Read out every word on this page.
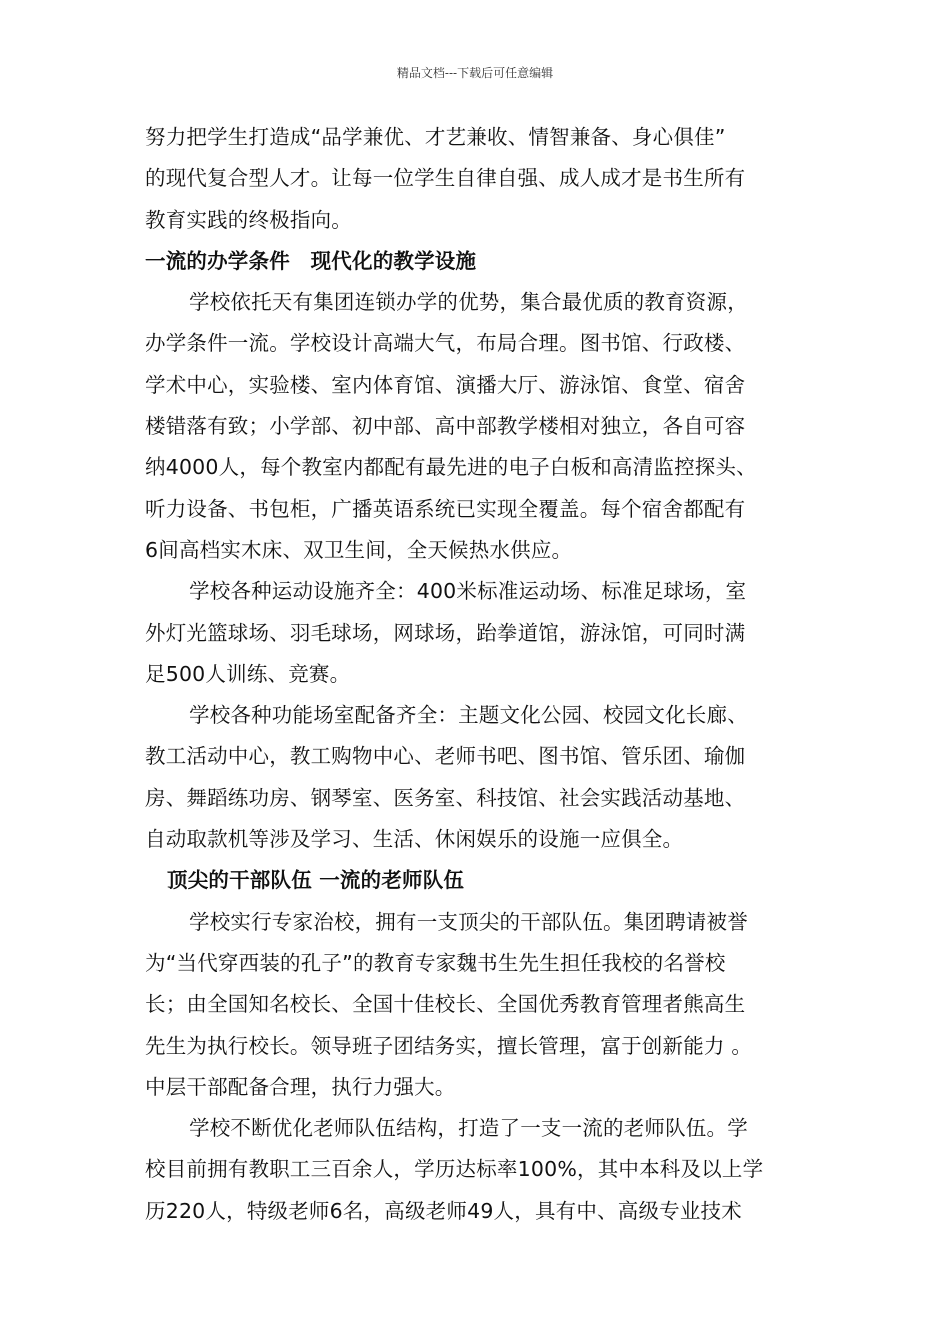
精品文档---下载后可任意编辑
努力把学生打造成“品学兼优、才艺兼收、情智兼备、身心俱佳”
的现代复合型人才。让每一位学生自律自强、成人成才是书生所有
教育实践的终极指向。
一流的办学条件　现代化的教学设施
学校依托天有集团连锁办学的优势，集合最优质的教育资源，
办学条件一流。学校设计高端大气，布局合理。图书馆、行政楼、
学术中心，实验楼、室内体育馆、演播大厅、游泳馆、食堂、宿舍
楼错落有致；小学部、初中部、高中部教学楼相对独立，各自可容
纳4000人，每个教室内都配有最先进的电子白板和高清监控探头、
听力设备、书包柜，广播英语系统已实现全覆盖。每个宿舍都配有
6间高档实木床、双卫生间，全天候热水供应。
学校各种运动设施齐全：400米标准运动场、标准足球场，室
外灯光篮球场、羽毛球场，网球场，跆拳道馆，游泳馆，可同时满
足500人训练、竞赛。
学校各种功能场室配备齐全：主题文化公园、校园文化长廊、
教工活动中心，教工购物中心、老师书吧、图书馆、管乐团、瑜伽
房、舞蹈练功房、钢琴室、医务室、科技馆、社会实践活动基地、
自动取款机等涉及学习、生活、休闲娱乐的设施一应俱全。
顶尖的干部队伍 一流的老师队伍
学校实行专家治校，拥有一支顶尖的干部队伍。集团聘请被誉
为“当代穿西装的孔子”的教育专家魏书生先生担任我校的名誉校
长；由全国知名校长、全国十佳校长、全国优秀教育管理者熊高生
先生为执行校长。领导班子团结务实，擅长管理，富于创新能力 。
中层干部配备合理，执行力强大。
学校不断优化老师队伍结构，打造了一支一流的老师队伍。学
校目前拥有教职工三百余人，学历达标率100%，其中本科及以上学
历220人，特级老师6名，高级老师49人，具有中、高级专业技术
